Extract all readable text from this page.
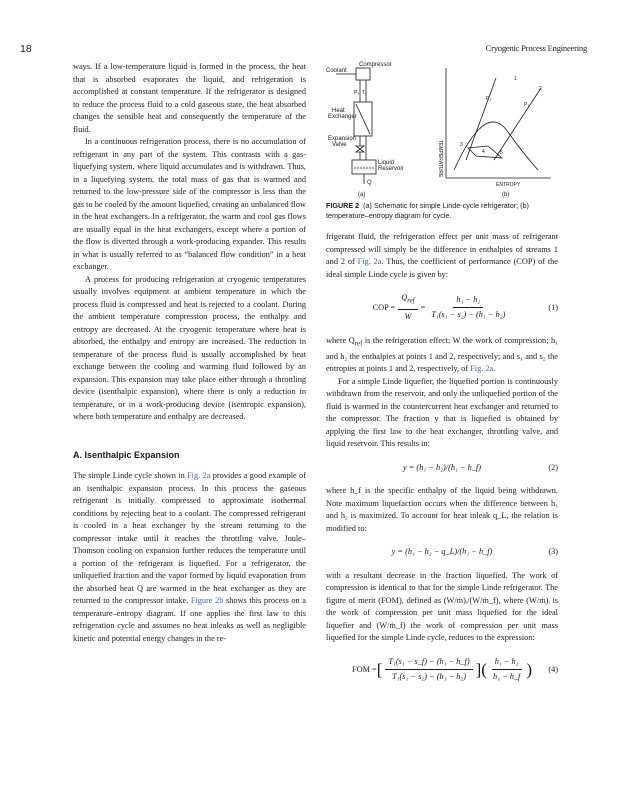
18	Cryogenic Process Engineering

ways. If a low-temperature liquid is formed in the process, the heat that is absorbed evaporates the liquid, and refrigeration is accomplished at constant temperature. If the refrigerator is designed to reduce the process fluid to a cold gaseous state, the heat absorbed changes the sensible heat and consequently the temperature of the fluid.

In a continuous refrigeration process, there is no accumulation of refrigerant in any part of the system. This contrasts with a gas-liquefying system, where liquid accumulates and is withdrawn. Thus, in a liquefying system, the total mass of gas that is warmed and returned to the low-pressure side of the compressor is less than the gas to be cooled by the amount liquefied, creating an unbalanced flow in the heat exchangers. In a refrigerator, the warm and cool gas flows are usually equal in the heat exchangers, except where a portion of the flow is diverted through a work-producing expander. This results in what is usually referred to as “balanced flow condition” in a heat exchanger.

A process for producing refrigeration at cryogenic temperatures usually involves equipment at ambient temperature in which the process fluid is compressed and heat is rejected to a coolant. During the ambient temperature compression process, the enthalpy and entropy are decreased. At the cryogenic temperature where heat is absorbed, the enthalpy and entropy are increased. The reduction in temperature of the process fluid is usually accomplished by heat exchange between the cooling and warming fluid followed by an expansion. This expansion may take place either through a throttling device (isenthalpic expansion), where there is only a reduction in temperature, or in a work-producing device (isentropic expansion), where both temperature and enthalpy are decreased.

A. Isenthalpic Expansion

The simple Linde cycle shown in Fig. 2a provides a good example of an isenthalpic expansion process. In this process the gaseous refrigerant is initially compressed to approximate isothermal conditions by rejecting heat to a coolant. The compressed refrigerant is cooled in a heat exchanger by the stream returning to the compressor intake until it reaches the throttling valve. Joule–Thomson cooling on expansion further reduces the temperature until a portion of the refrigerant is liquefied. For a refrigerator, the unliquefied fraction and the vapor formed by liquid evaporation from the absorbed heat Q are warmed in the heat exchanger as they are returned to the compressor intake. Figure 2b shows this process on a temperature–entropy diagram. If one applies the first law to this refrigeration cycle and assumes no heat inleaks as well as negligible kinetic and potential energy changes in the re-

Compressor
Coolant
P₁ T₁
Heat
Exchanger
Expansion
Valve
Liquid
Reservoir
Q
(a)
TEMPERATURE
ENTROPY
(b)
P₁
P₂
1
2
3
4	5
FIGURE 2 (a) Schematic for simple Linde-cycle refrigerator; (b) temperature–entropy diagram for cycle.

frigerant fluid, the refrigeration effect per unit mass of refrigerant compressed will simply be the difference in enthalpies of streams 1 and 2 of Fig. 2a. Thus, the coefficient of performance (COP) of the ideal simple Linde cycle is given by:

COP = $\frac{Q_{ref}}{W} = \frac{\text{h₁ − h₂}}{\text{T₁(s₁ − s₂) − (h₁ − h₂)}}$	(1)

where $Q_{ref}$ is the refrigeration effect; W the work of compression; h₁ and h₂ the enthalpies at points 1 and 2, respectively; and s₁ and s₂ the entropies at points 1 and 2, respectively, of Fig. 2a.

For a simple Linde liquefier, the liquefied portion is continuously withdrawn from the reservoir, and only the unliquefied portion of the fluid is warmed in the countercurrent heat exchanger and returned to the compressor. The fraction y that is liquefied is obtained by applying the first law to the heat exchanger, throttling valve, and liquid reservoir. This results in:

y = (h₁ − h₂)/(h₁ − h_f)	(2)

where h_f is the specific enthalpy of the liquid being withdrawn. Note maximum liquefaction occurs when the difference between h₁ and h₂ is maximized. To account for heat inleak q_L, the relation is modified to:

y = (h₁ − h₂ − q_L)/(h₁ − h_f)	(3)

with a resultant decrease in the fraction liquefied. The work of compression is identical to that for the simple Linde refrigerator. The figure of merit (FOM), defined as (W/ṁ)ᵢ/(W/ṁ_f), where (W/ṁ)ᵢ is the work of compression per unit mass liquefied for the ideal liquefier and (W/ṁ_f) the work of compression per unit mass liquefied for the simple Linde cycle, reduces to the expression:

FOM = [ $\frac{\text{T₁(s₁ − s\_f) − (h₁ − h\_f)}}{\text{T₁(s₁ − s₂) − (h₁ − h₂)}}$ ] ( $\frac{\text{h₁ − h₂}}{\text{h₁ − h\_f}}$ ) (4)
